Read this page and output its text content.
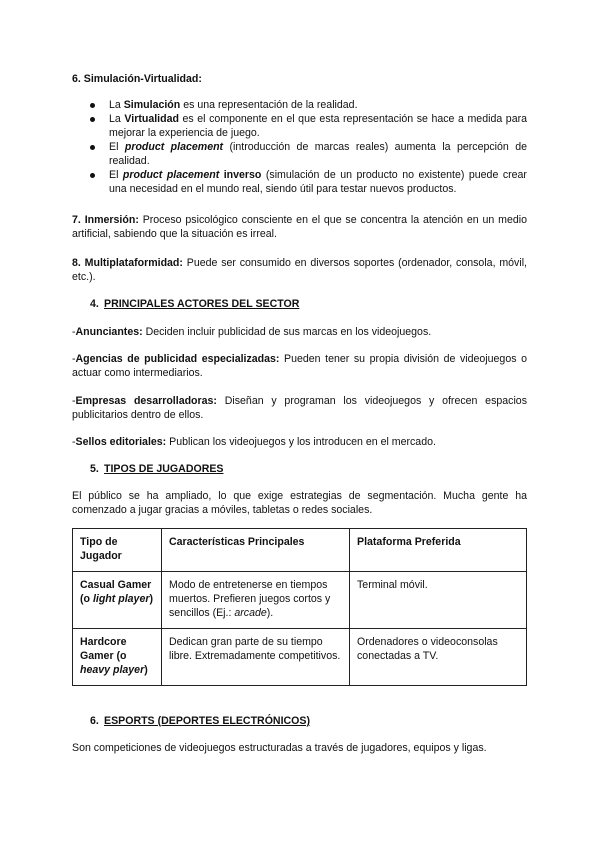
6. Simulación-Virtualidad:
La Simulación es una representación de la realidad.
La Virtualidad es el componente en el que esta representación se hace a medida para mejorar la experiencia de juego.
El product placement (introducción de marcas reales) aumenta la percepción de realidad.
El product placement inverso (simulación de un producto no existente) puede crear una necesidad en el mundo real, siendo útil para testar nuevos productos.
7. Inmersión: Proceso psicológico consciente en el que se concentra la atención en un medio artificial, sabiendo que la situación es irreal.
8. Multiplataformidad: Puede ser consumido en diversos soportes (ordenador, consola, móvil, etc.).
4. PRINCIPALES ACTORES DEL SECTOR
-Anunciantes: Deciden incluir publicidad de sus marcas en los videojuegos.
-Agencias de publicidad especializadas: Pueden tener su propia división de videojuegos o actuar como intermediarios.
-Empresas desarrolladoras: Diseñan y programan los videojuegos y ofrecen espacios publicitarios dentro de ellos.
-Sellos editoriales: Publican los videojuegos y los introducen en el mercado.
5. TIPOS DE JUGADORES
El público se ha ampliado, lo que exige estrategias de segmentación. Mucha gente ha comenzado a jugar gracias a móviles, tabletas o redes sociales.
Tipo de Jugador	Características Principales	Plataforma Preferida
Casual Gamer (o light player)	Modo de entretenerse en tiempos muertos. Prefieren juegos cortos y sencillos (Ej.: arcade).	Terminal móvil.
Hardcore Gamer (o heavy player)	Dedican gran parte de su tiempo libre. Extremadamente competitivos.	Ordenadores o videoconsolas conectadas a TV.
6. ESPORTS (DEPORTES ELECTRÓNICOS)
Son competiciones de videojuegos estructuradas a través de jugadores, equipos y ligas.
